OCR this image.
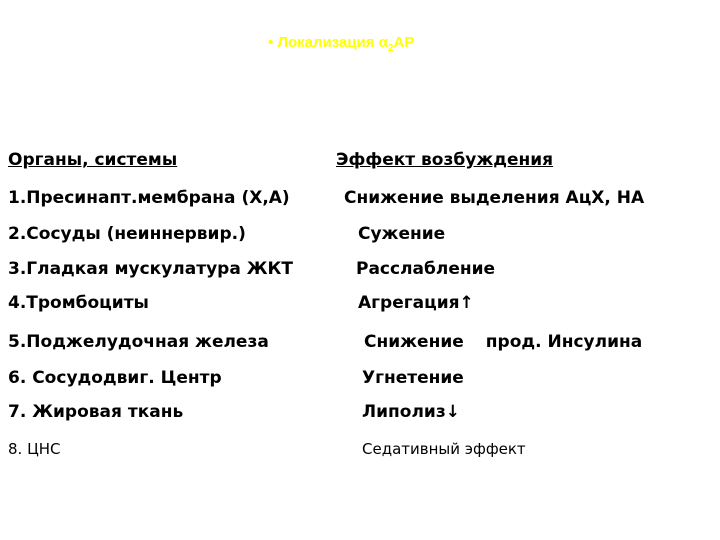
• Локализация $\alpha_2АР$
Органы, системы	Эффект возбуждения
1.Пресинапт.мембрана (Х,А)	Снижение выделения АцХ, НА
2.Сосуды (неиннервир.)	Сужение
3.Гладкая мускулатура ЖКТ	Расслабление
4.Тромбоциты	Агрегация↑
5.Поджелудочная железа	Снижение прод. Инсулина
6. Сосудодвиг. Центр	Угнетение
7. Жировая ткань	Липолиз↓
8. ЦНС	Седативный эффект
